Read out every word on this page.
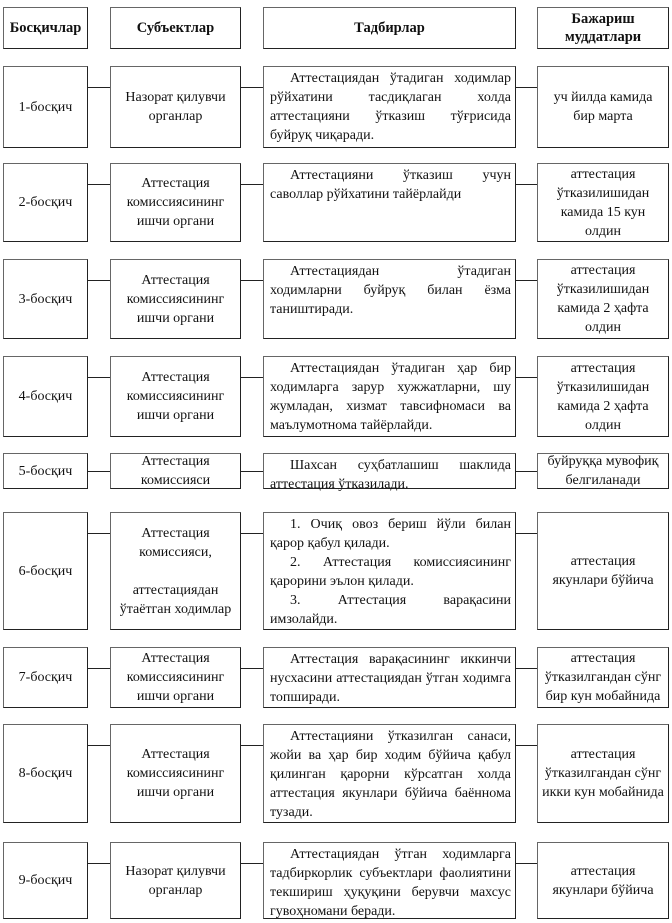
Босқичлар	Субъектлар	Тадбирлар
Бажариш муддатлари
1-босқич
Назорат қилувчи органлар

Аттестациядан ўтадиган ходимлар рўйхатини тасдиқлаган холда аттестацияни ўтказиш тўғрисида буйруқ чиқаради.

уч йилда камида бир марта
2-босқич
Аттестация комиссиясининг ишчи органи

Аттестацияни ўтказиш учун саволлар рўйхатини тайёрлайди

аттестация ўтказилишидан камида 15 кун олдин
3-босқич
Аттестация комиссиясининг ишчи органи

Аттестациядан ўтадиган ходимларни буйруқ билан ёзма таништиради.

аттестация ўтказилишидан камида 2 ҳафта олдин
4-босқич
Аттестация комиссиясининг ишчи органи

Аттестациядан ўтадиган ҳар бир ходимларга зарур хужжатларни, шу жумладан, хизмат тавсифномаси ва маълумотнома тайёрлайди.

аттестация ўтказилишидан камида 2 ҳафта олдин
5-босқич
Аттестация комиссияси

Шахсан суҳбатлашиш шаклида аттестация ўтказилади.

буйруққа мувофиқ белгиланади
6-босқич
Аттестация комиссияси,

аттестациядан ўтаётган ходимлар

1. Очиқ овоз бериш йўли билан қарор қабул қилади.

2. Аттестация комиссиясининг қарорини эълон қилади.

3. Аттестация варақасини имзолайди.

аттестация якунлари бўйича
7-босқич
Аттестация комиссиясининг ишчи органи

Аттестация варақасининг иккинчи нусхасини аттестациядан ўтган ходимга топширади.

аттестация ўтказилгандан сўнг бир кун мобайнида
8-босқич
Аттестация комиссиясининг ишчи органи

Аттестацияни ўтказилган санаси, жойи ва ҳар бир ходим бўйича қабул қилинган қарорни кўрсатган холда аттестация якунлари бўйича баённома тузади.

аттестация ўтказилгандан сўнг икки кун мобайнида
9-босқич
Назорат қилувчи органлар

Аттестациядан ўтган ходимларга тадбиркорлик субъектлари фаолиятини текшириш ҳуқуқини берувчи махсус гувоҳномани беради.

аттестация якунлари бўйича
